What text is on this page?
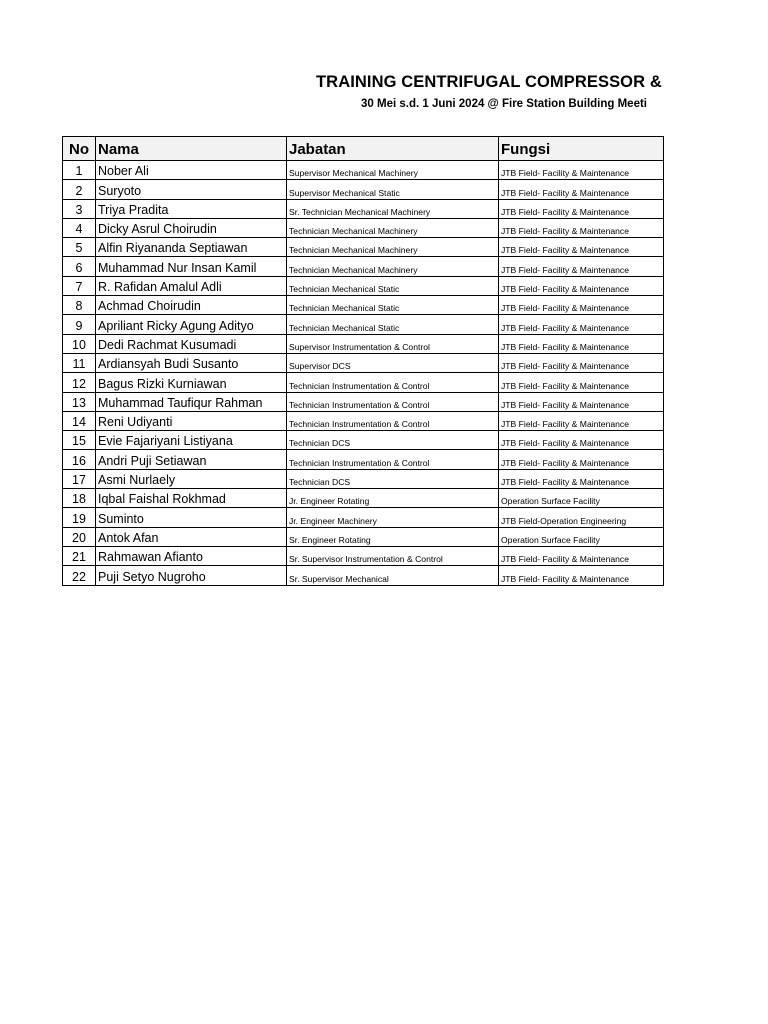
TRAINING CENTRIFUGAL COMPRESSOR &
30 Mei s.d. 1 Juni 2024 @ Fire Station Building Meeti
No	Nama	Jabatan	Fungsi
1	Nober Ali	Supervisor Mechanical Machinery	JTB Field- Facility & Maintenance
2	Suryoto	Supervisor Mechanical Static	JTB Field- Facility & Maintenance
3	Triya Pradita	Sr. Technician Mechanical Machinery	JTB Field- Facility & Maintenance
4	Dicky Asrul Choirudin	Technician Mechanical Machinery	JTB Field- Facility & Maintenance
5	Alfin Riyananda Septiawan	Technician Mechanical Machinery	JTB Field- Facility & Maintenance
6	Muhammad Nur Insan Kamil	Technician Mechanical Machinery	JTB Field- Facility & Maintenance
7	R. Rafidan Amalul Adli	Technician Mechanical Static	JTB Field- Facility & Maintenance
8	Achmad Choirudin	Technician Mechanical Static	JTB Field- Facility & Maintenance
9	Apriliant Ricky Agung Adityo	Technician Mechanical Static	JTB Field- Facility & Maintenance
10	Dedi Rachmat Kusumadi	Supervisor Instrumentation & Control	JTB Field- Facility & Maintenance
11	Ardiansyah Budi Susanto	Supervisor DCS	JTB Field- Facility & Maintenance
12	Bagus Rizki Kurniawan	Technician Instrumentation & Control	JTB Field- Facility & Maintenance
13	Muhammad Taufiqur Rahman	Technician Instrumentation & Control	JTB Field- Facility & Maintenance
14	Reni Udiyanti	Technician Instrumentation & Control	JTB Field- Facility & Maintenance
15	Evie Fajariyani Listiyana	Technician DCS	JTB Field- Facility & Maintenance
16	Andri Puji Setiawan	Technician Instrumentation & Control	JTB Field- Facility & Maintenance
17	Asmi Nurlaely	Technician DCS	JTB Field- Facility & Maintenance
18	Iqbal Faishal Rokhmad	Jr. Engineer Rotating	Operation Surface Facility
19	Suminto	Jr. Engineer Machinery	JTB Field-Operation Engineering
20	Antok Afan	Sr. Engineer Rotating	Operation Surface Facility
21	Rahmawan Afianto	Sr. Supervisor Instrumentation & Control	JTB Field- Facility & Maintenance
22	Puji Setyo Nugroho	Sr. Supervisor Mechanical	JTB Field- Facility & Maintenance
